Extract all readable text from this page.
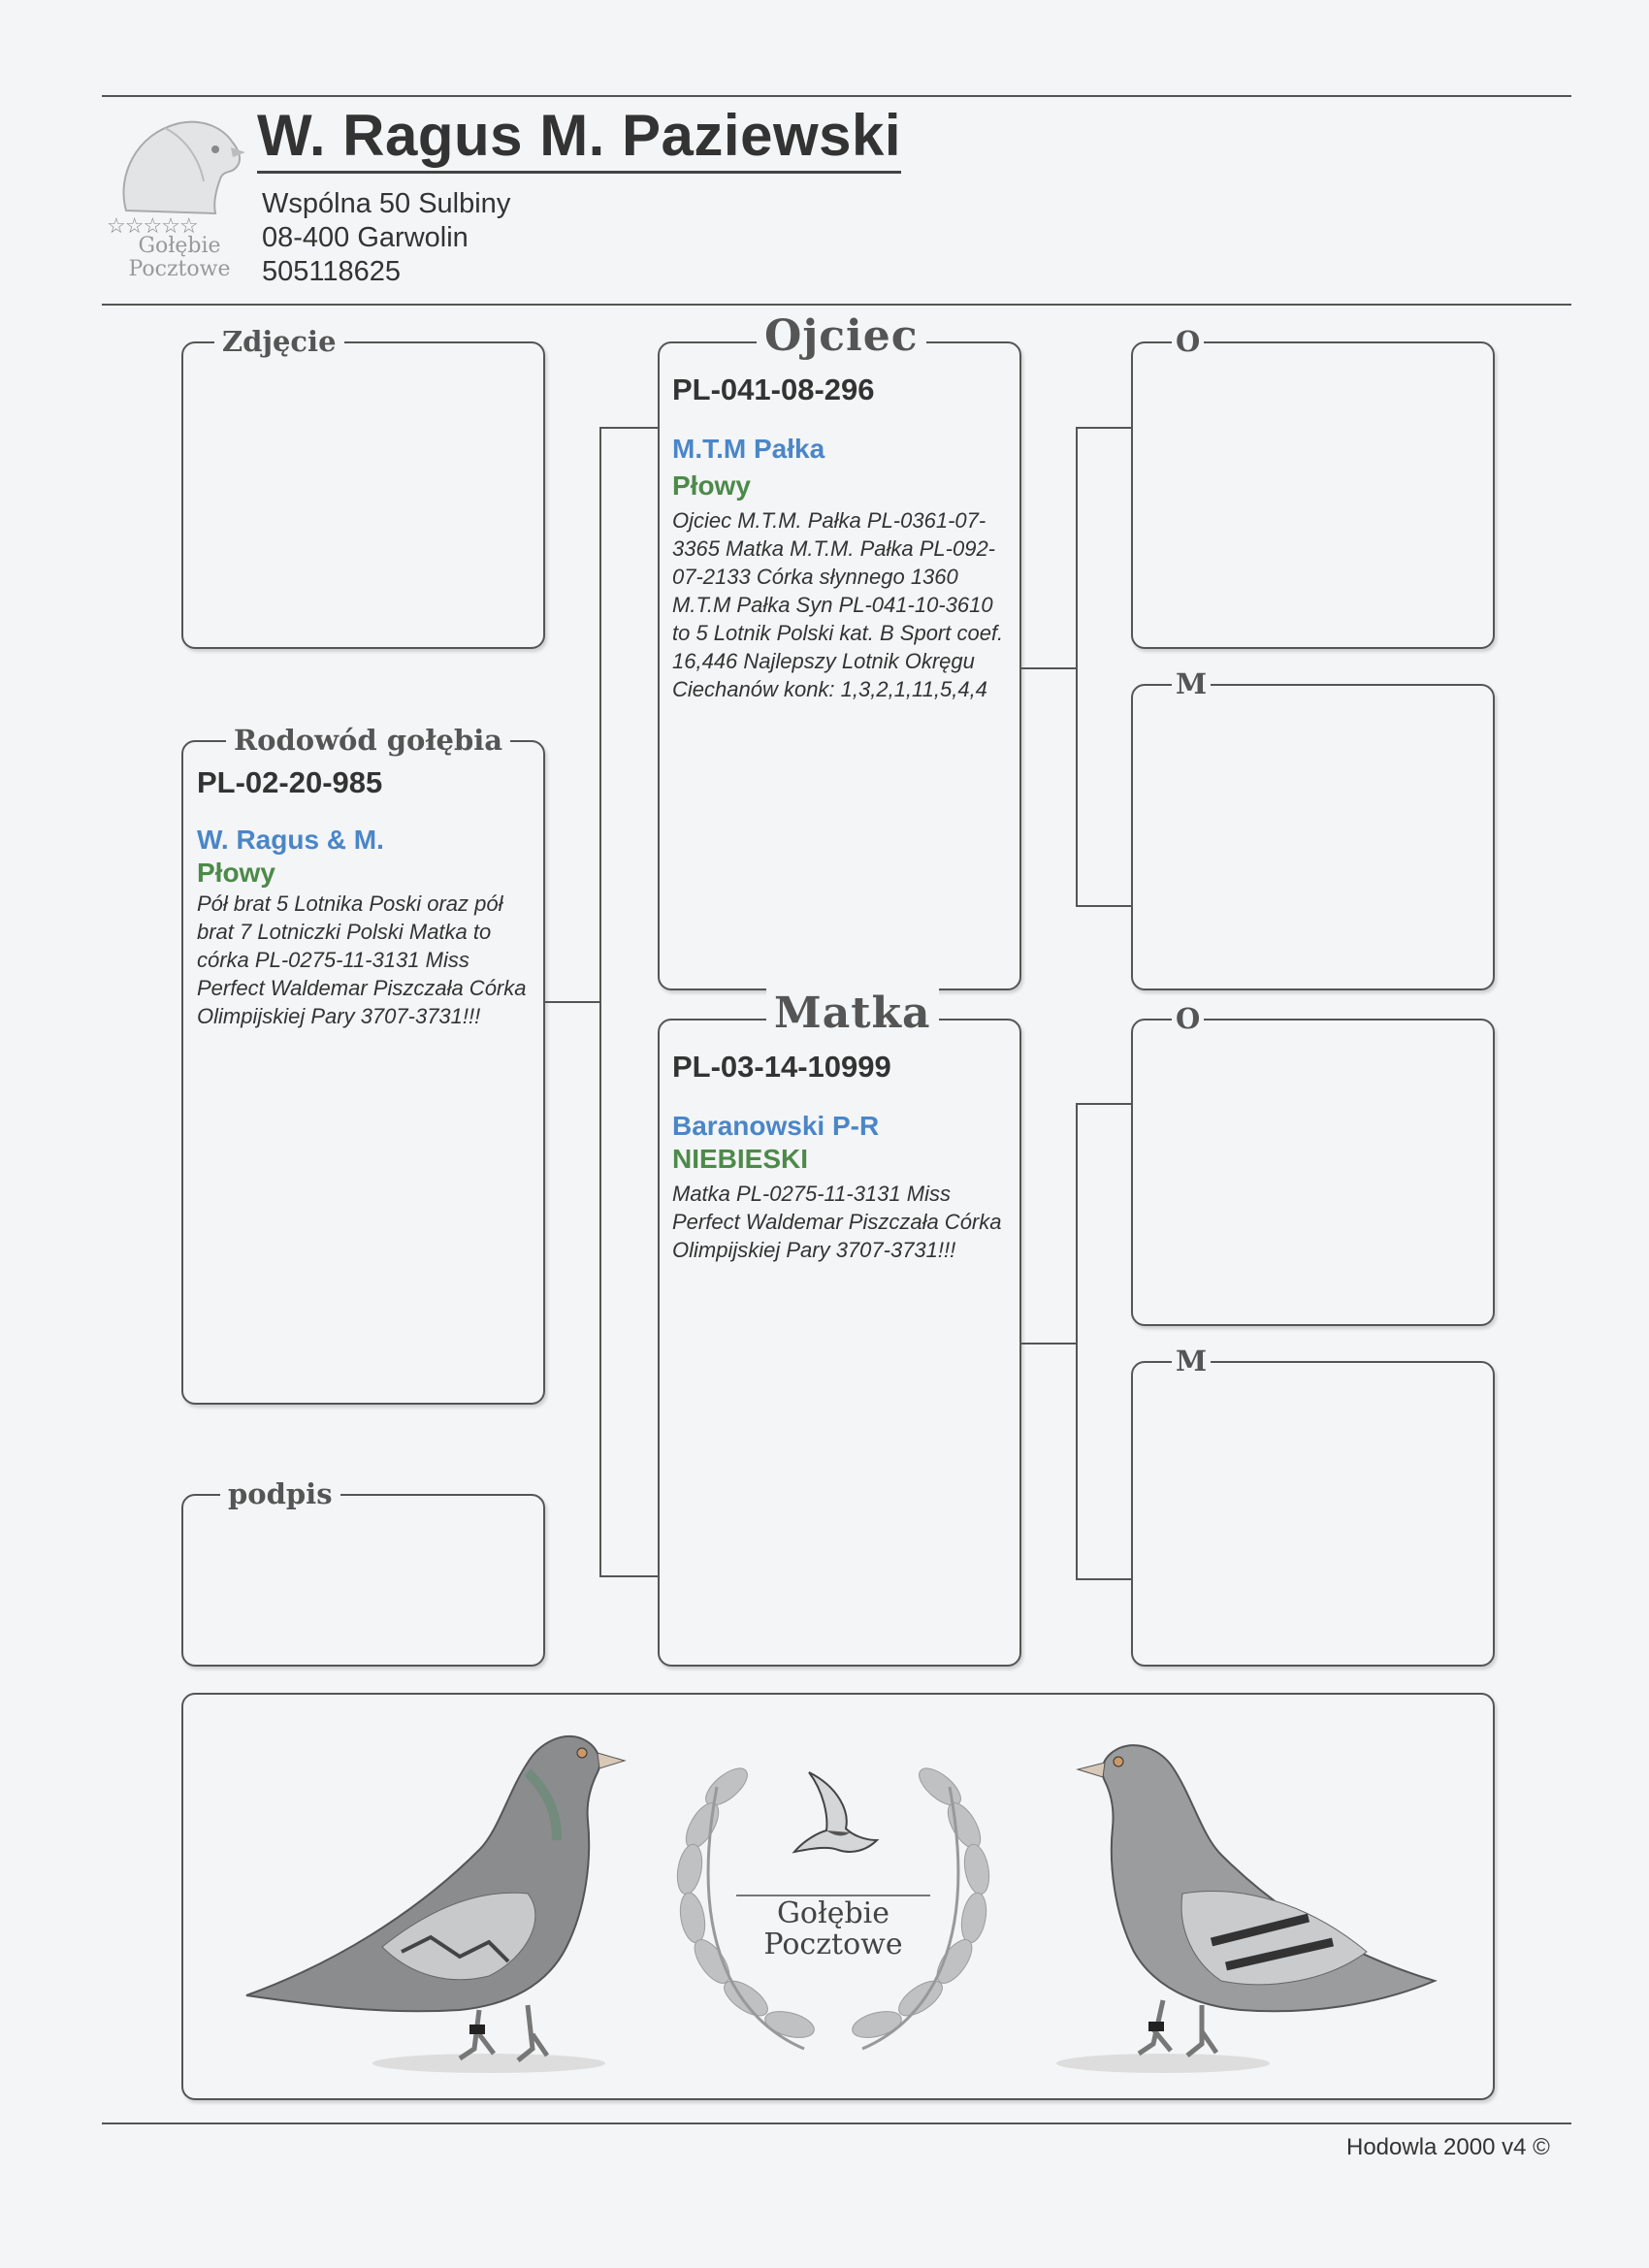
☆☆☆☆☆
Gołębie
Pocztowe
W. Ragus M. Paziewski
Wspólna 50 Sulbiny
08-400 Garwolin
505118625
Zdjęcie
Rodowód gołębia
PL-02-20-985
W. Ragus & M.
Płowy
Pół brat 5 Lotnika Poski oraz pół brat 7 Lotniczki Polski Matka to córka PL-0275-11-3131 Miss Perfect Waldemar Piszczała Córka Olimpijskiej Pary 3707-3731!!!
podpis
Ojciec
PL-041-08-296
M.T.M Pałka
Płowy
Ojciec M.T.M. Pałka PL-0361-07-3365 Matka M.T.M. Pałka PL-092-07-2133 Córka słynnego 1360 M.T.M Pałka Syn PL-041-10-3610 to 5 Lotnik Polski kat. B Sport coef. 16,446 Najlepszy Lotnik Okręgu Ciechanów konk: 1,3,2,1,11,5,4,4
Matka
PL-03-14-10999
Baranowski P-R
NIEBIESKI
Matka PL-0275-11-3131 Miss Perfect Waldemar Piszczała Córka Olimpijskiej Pary 3707-3731!!!
O
M
O
M
Gołębie
Pocztowe
Hodowla 2000 v4 ©
